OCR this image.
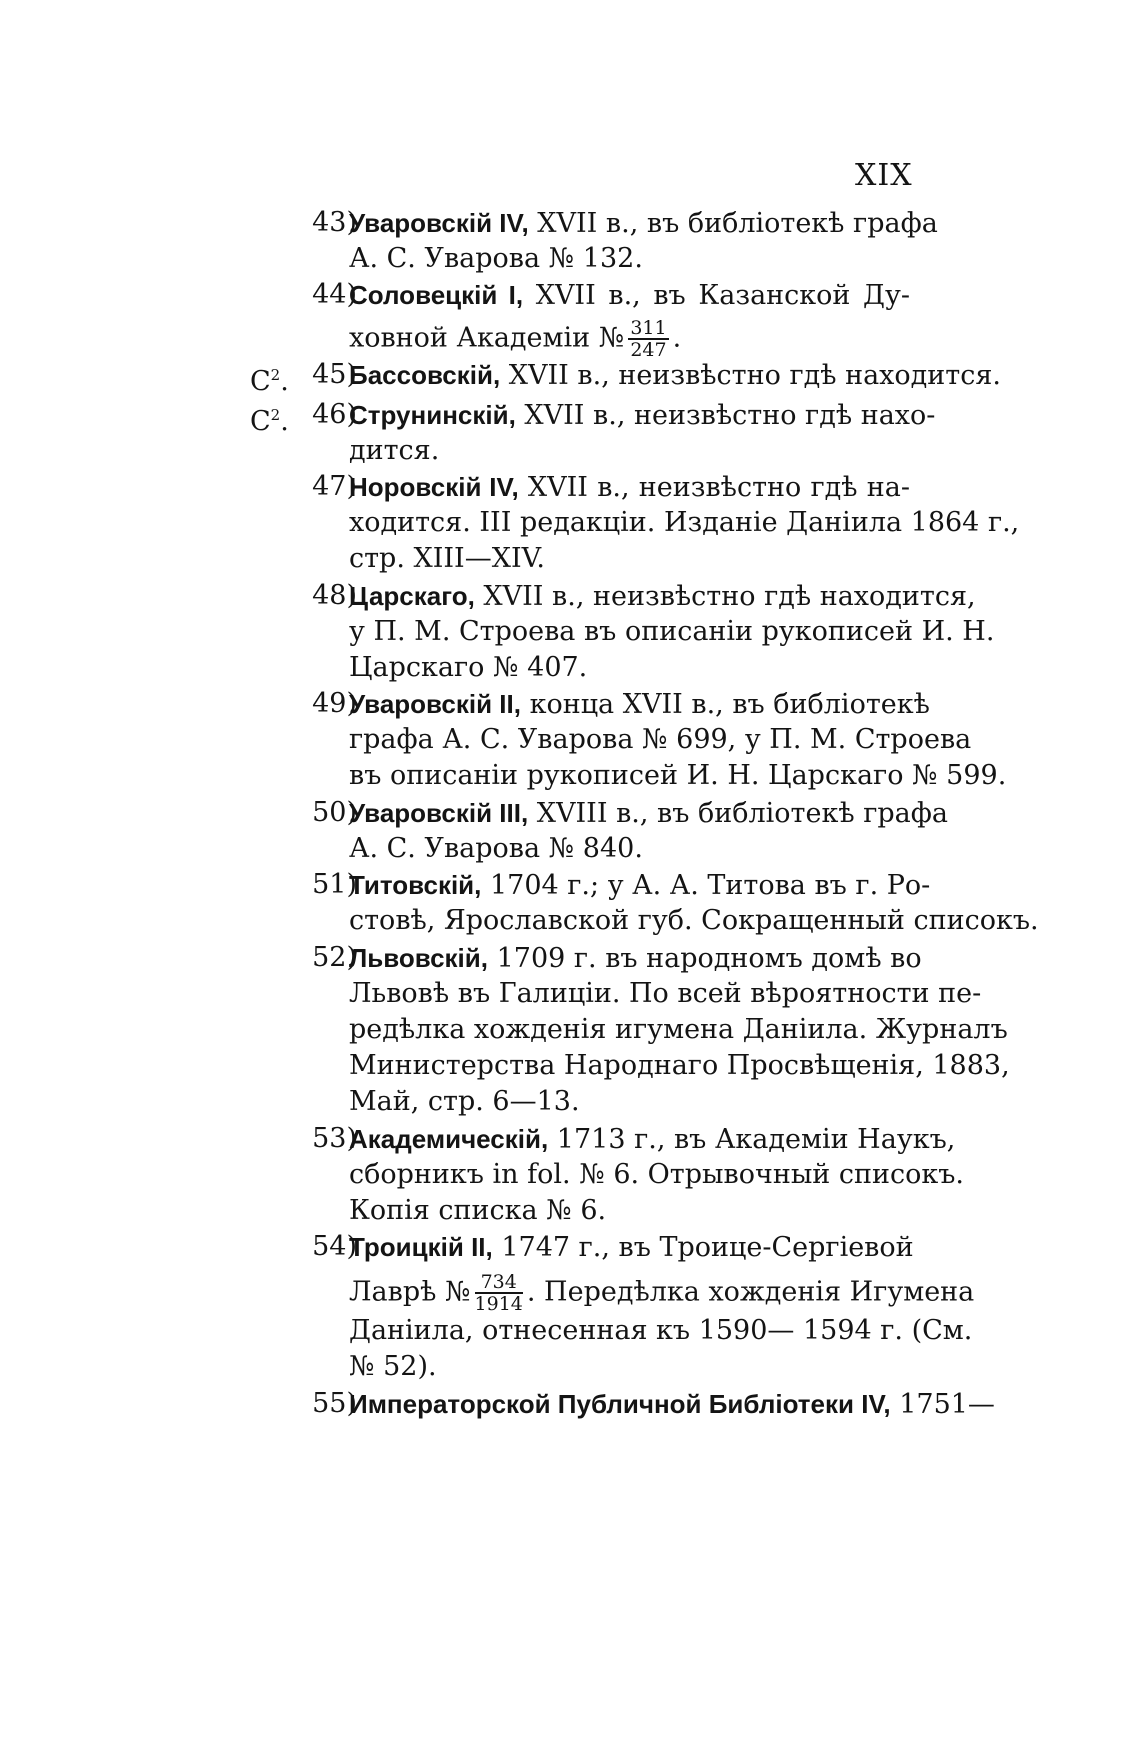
XIX
43)
Уваровскій IV, XVII в., въ библіотекѣ графа
А. С. Уварова № 132.
44)
Соловецкій I, XVII в., въ Казанской Ду-
ховной Академіи № $\frac{311}{247}$ .
$С^2$. 45)
Бассовскій, XVII в., неизвѣстно гдѣ находится.
$С^2$. 46)
Струнинскій, XVII в., неизвѣстно гдѣ нахо-
дится.
47)
Норовскій IV, XVII в., неизвѣстно гдѣ на-
ходится. III редакціи. Изданіе Даніила 1864 г.,
стр. XIII—XIV.
48)
Царскаго, XVII в., неизвѣстно гдѣ находится,
у П. М. Строева въ описаніи рукописей И. Н.
Царскаго № 407.
49)
Уваровскій II, конца XVII в., въ библіотекѣ
графа А. С. Уварова № 699, у П. М. Строева
въ описаніи рукописей И. Н. Царскаго № 599.
50)
Уваровскій III, XVIII в., въ библіотекѣ графа
А. С. Уварова № 840.
51)
Титовскій, 1704 г.; у А. А. Титова въ г. Ро-
стовѣ, Ярославской губ. Сокращенный списокъ.
52)
Львовскій, 1709 г. въ народномъ домѣ во
Львовѣ въ Галиціи. По всей вѣроятности пе-
редѣлка хожденія игумена Даніила. Журналъ
Министерства Народнаго Просвѣщенія, 1883,
Май, стр. 6—13.
53)
Академическій, 1713 г., въ Академіи Наукъ,
сборникъ in fol. № 6. Отрывочный списокъ.
Копія списка № 6.
54)
Троицкій II, 1747 г., въ Троице-Сергіевой
Лаврѣ № $\frac{734}{1914}$ . Передѣлка хожденія Игумена
Даніила, отнесенная къ 1590— 1594 г. (См.
№ 52).
55)
Императорской Публичной Библіотеки IV, 1751—
